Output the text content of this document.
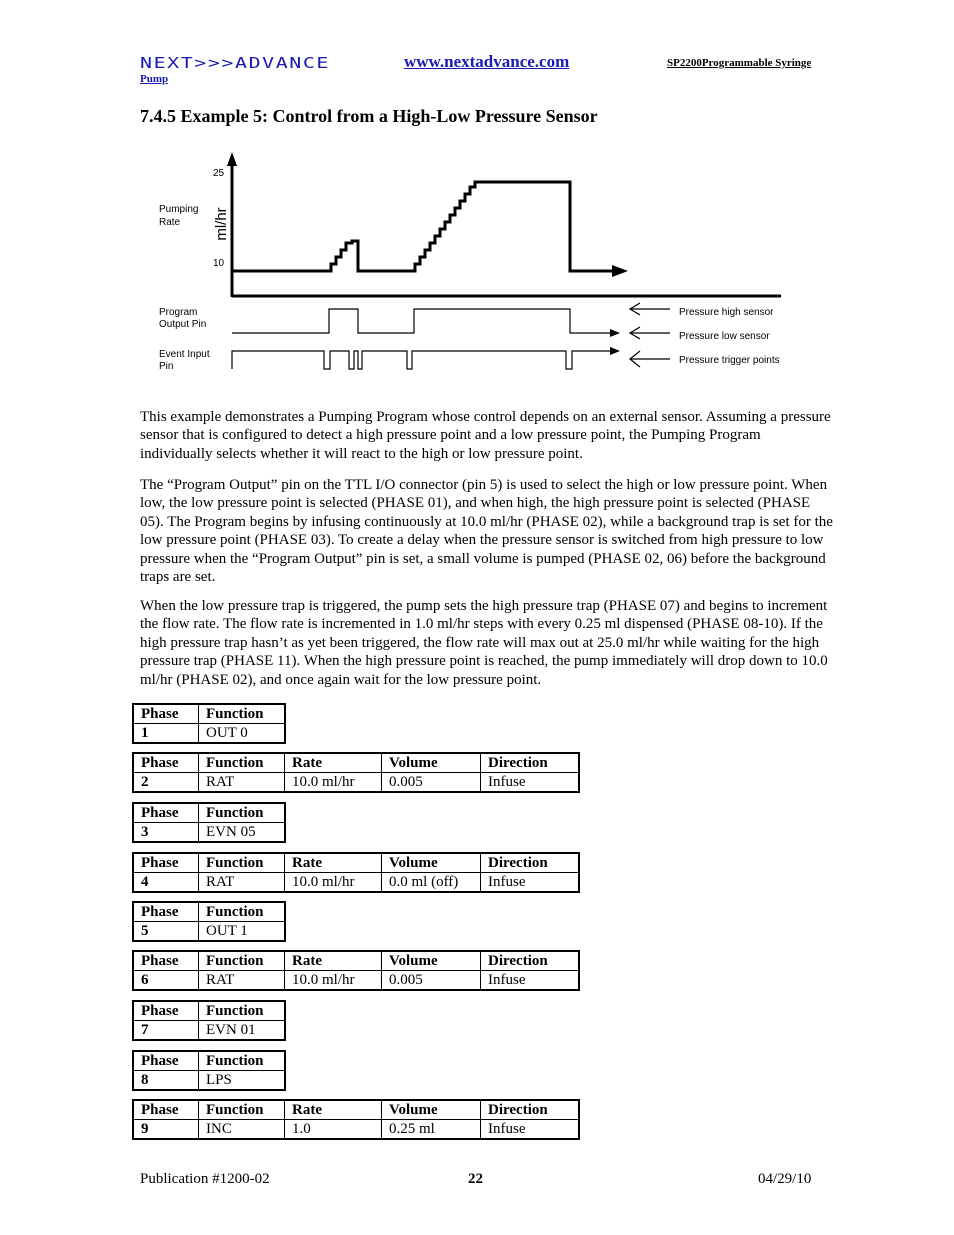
NEXT>>>ADVANCE	www.nextadvance.com	SP2200Programmable Syringe
Pump
7.4.5 Example 5: Control from a High-Low Pressure Sensor
ml/hr
25
10
Pumping
Rate
Program
Output Pin
Event Input
Pin
Pressure high sensor
Pressure low sensor
Pressure trigger points
This example demonstrates a Pumping Program whose control depends on an external sensor. Assuming a pressure sensor that is configured to detect a high pressure point and a low pressure point, the Pumping Program individually selects whether it will react to the high or low pressure point.
The “Program Output” pin on the TTL I/O connector (pin 5) is used to select the high or low pressure point. When low, the low pressure point is selected (PHASE 01), and when high, the high pressure point is selected (PHASE 05). The Program begins by infusing continuously at 10.0 ml/hr (PHASE 02), while a background trap is set for the low pressure point (PHASE 03). To create a delay when the pressure sensor is switched from high pressure to low pressure when the “Program Output” pin is set, a small volume is pumped (PHASE 02, 06) before the background traps are set.
When the low pressure trap is triggered, the pump sets the high pressure trap (PHASE 07) and begins to increment the flow rate. The flow rate is incremented in 1.0 ml/hr steps with every 0.25 ml dispensed (PHASE 08-10). If the high pressure trap hasn’t as yet been triggered, the flow rate will max out at 25.0 ml/hr while waiting for the high pressure trap (PHASE 11). When the high pressure point is reached, the pump immediately will drop down to 10.0 ml/hr (PHASE 02), and once again wait for the low pressure point.
Phase	Function
1	OUT 0
Phase	Function	Rate	Volume	Direction
2	RAT	10.0 ml/hr	0.005	Infuse
Phase	Function
3	EVN 05
Phase	Function	Rate	Volume	Direction
4	RAT	10.0 ml/hr	0.0 ml (off)	Infuse
Phase	Function
5	OUT 1
Phase	Function	Rate	Volume	Direction
6	RAT	10.0 ml/hr	0.005	Infuse
Phase	Function
7	EVN 01
Phase	Function
8	LPS
Phase	Function	Rate	Volume	Direction
9	INC	1.0	0.25 ml	Infuse
Publication #1200-02	22	04/29/10
